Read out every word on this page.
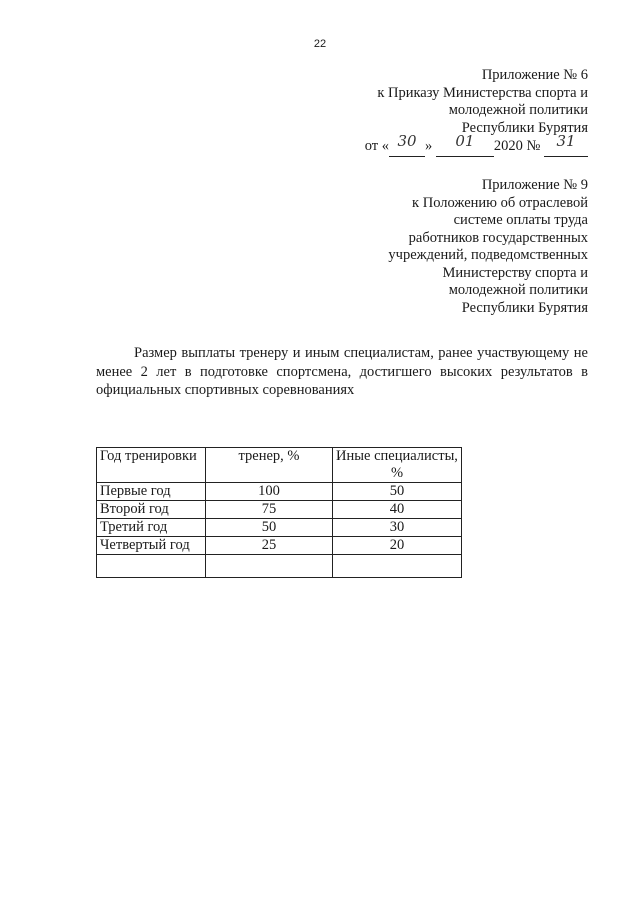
22
Приложение № 6
к Приказу Министерства спорта и
молодежной политики
Республики Бурятия
от « 30 » 01 2020 № 31
Приложение № 9
к Положению об отраслевой
системе оплаты труда
работников государственных
учреждений, подведомственных
Министерству спорта и
молодежной политики
Республики Бурятия
Размер выплаты тренеру и иным специалистам, ранее участвующему не менее 2 лет в подготовке спортсмена, достигшего высоких результатов в официальных спортивных соревнованиях
Год тренировки	тренер, %	Иные специалисты, %
Первые год	100	50
Второй год	75	40
Третий год	50	30
Четвертый год	25	20
